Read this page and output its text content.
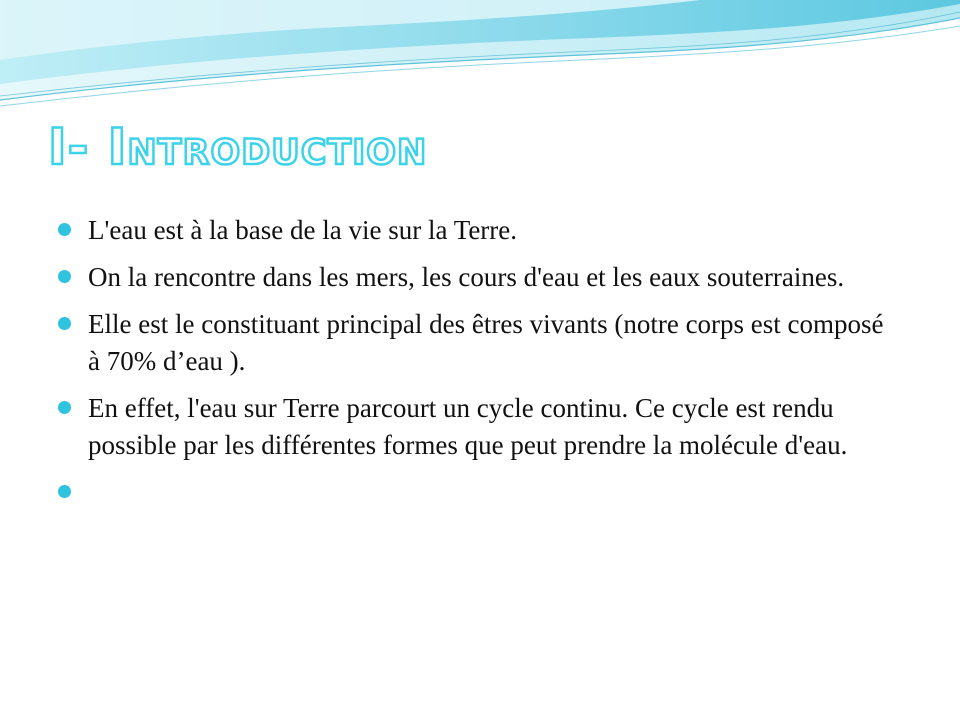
I- Introduction
L'eau est à la base de la vie sur la Terre.
On la rencontre dans les mers, les cours d'eau et les eaux souterraines.
Elle est le constituant principal des êtres vivants (notre corps est composé à 70% d’eau ).
En effet, l'eau sur Terre parcourt un cycle continu. Ce cycle est rendu possible par les différentes formes que peut prendre la molécule d'eau.
